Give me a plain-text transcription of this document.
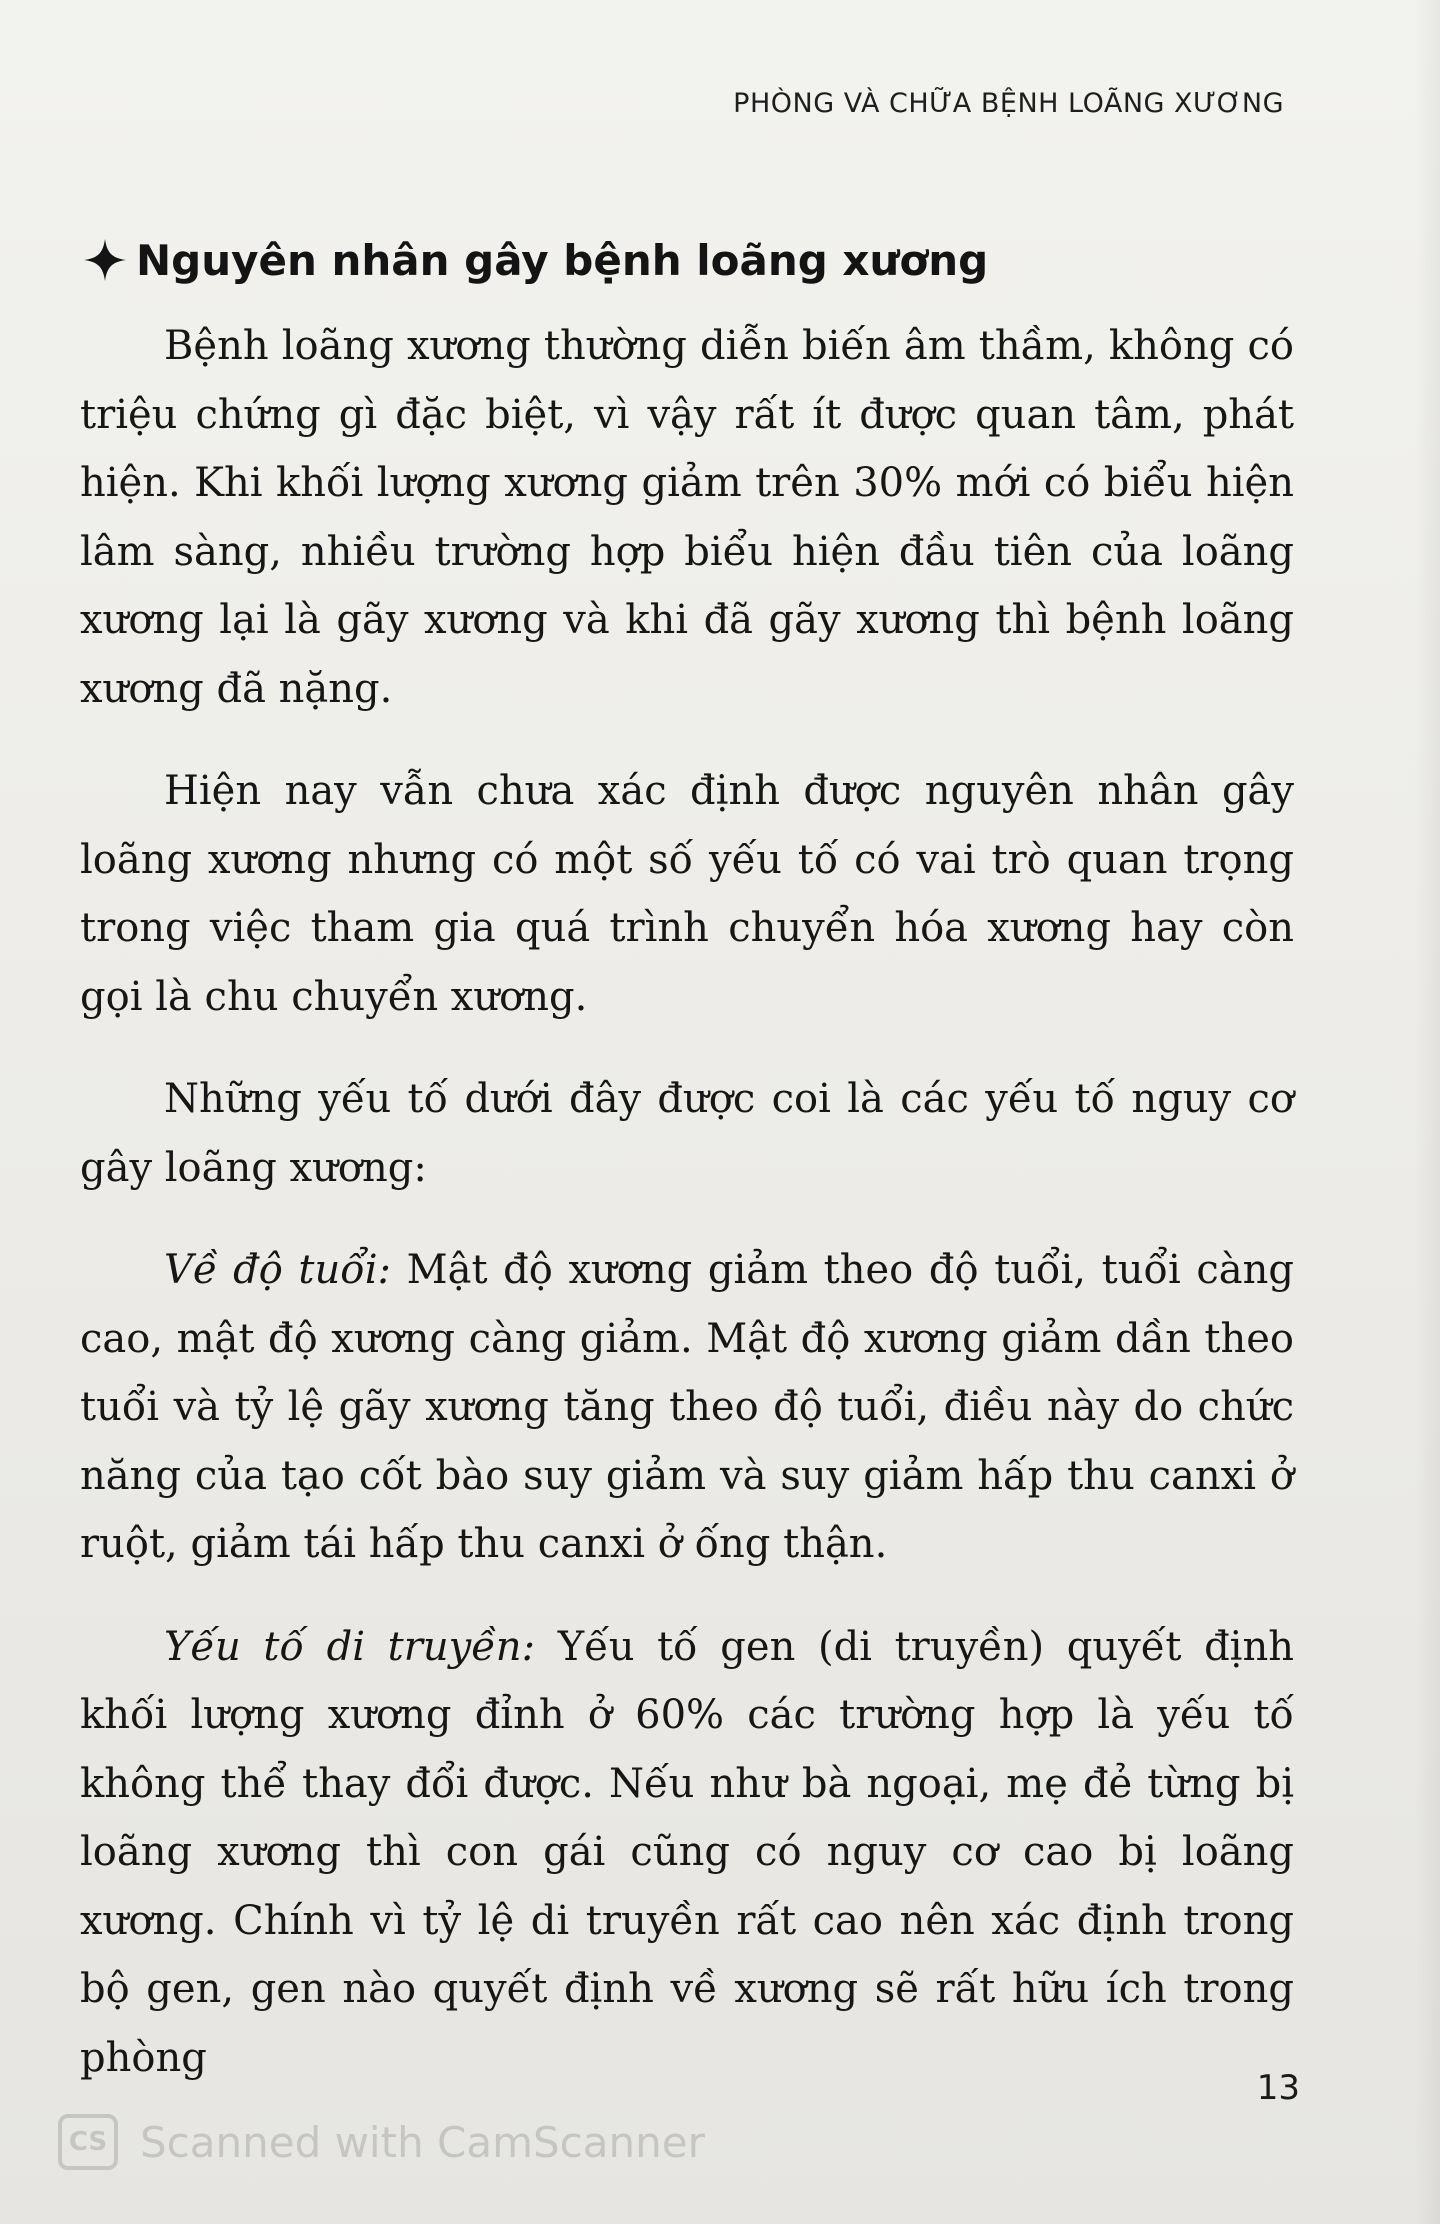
PHÒNG VÀ CHỮA BỆNH LOÃNG XƯƠNG
Nguyên nhân gây bệnh loãng xương

Bệnh loãng xương thường diễn biến âm thầm, không có triệu chứng gì đặc biệt, vì vậy rất ít được quan tâm, phát hiện. Khi khối lượng xương giảm trên 30% mới có biểu hiện lâm sàng, nhiều trường hợp biểu hiện đầu tiên của loãng xương lại là gãy xương và khi đã gãy xương thì bệnh loãng xương đã nặng.

Hiện nay vẫn chưa xác định được nguyên nhân gây loãng xương nhưng có một số yếu tố có vai trò quan trọng trong việc tham gia quá trình chuyển hóa xương hay còn gọi là chu chuyển xương.

Những yếu tố dưới đây được coi là các yếu tố nguy cơ gây loãng xương:

Về độ tuổi: Mật độ xương giảm theo độ tuổi, tuổi càng cao, mật độ xương càng giảm. Mật độ xương giảm dần theo tuổi và tỷ lệ gãy xương tăng theo độ tuổi, điều này do chức năng của tạo cốt bào suy giảm và suy giảm hấp thu canxi ở ruột, giảm tái hấp thu canxi ở ống thận.

Yếu tố di truyền: Yếu tố gen (di truyền) quyết định khối lượng xương đỉnh ở 60% các trường hợp là yếu tố không thể thay đổi được. Nếu như bà ngoại, mẹ đẻ từng bị loãng xương thì con gái cũng có nguy cơ cao bị loãng xương. Chính vì tỷ lệ di truyền rất cao nên xác định trong bộ gen, gen nào quyết định về xương sẽ rất hữu ích trong phòng

13
CS Scanned with CamScanner
